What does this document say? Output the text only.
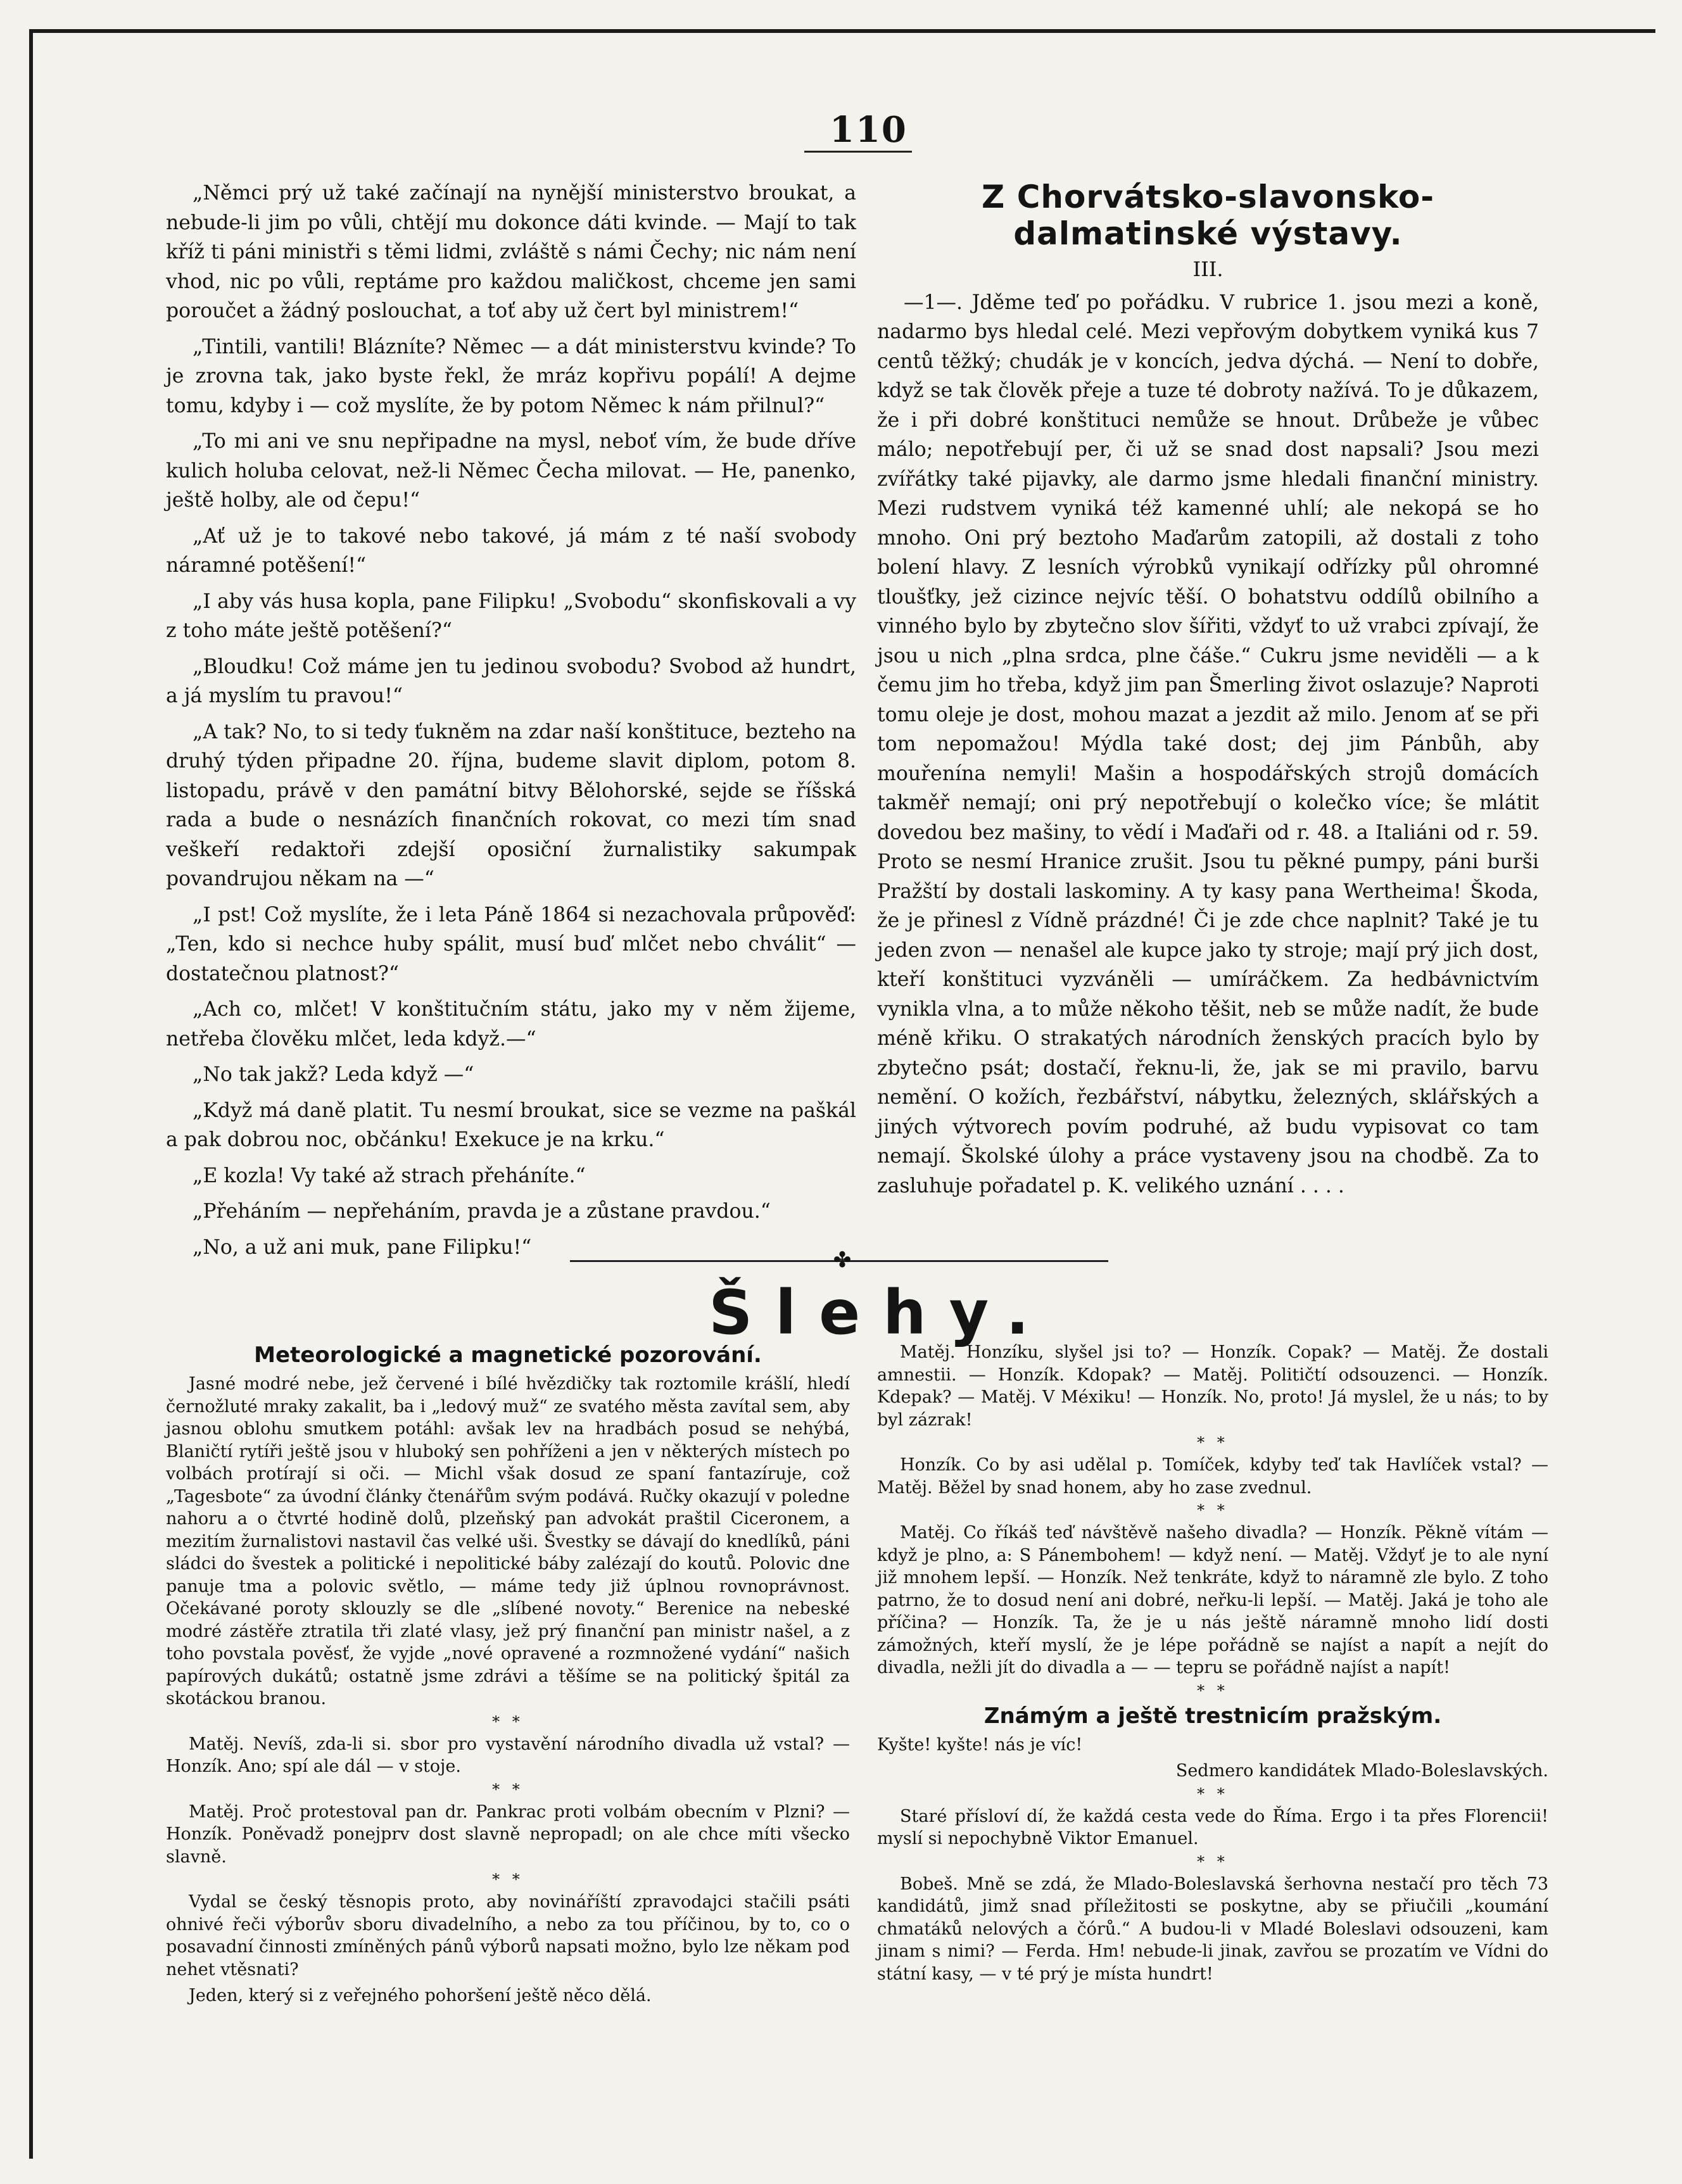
110

„Němci prý už také začínají na nynější ministerstvo broukat, a nebude-li jim po vůli, chtějí mu dokonce dáti kvinde. — Mají to tak kříž ti páni ministři s těmi lidmi, zvláště s námi Čechy; nic nám není vhod, nic po vůli, reptáme pro každou maličkost, chceme jen sami poroučet a žádný poslouchat, a toť aby už čert byl ministrem!“

„Tintili, vantili! Blázníte? Němec — a dát ministerstvu kvinde? To je zrovna tak, jako byste řekl, že mráz kopřivu popálí! A dejme tomu, kdyby i — což myslíte, že by potom Němec k nám přilnul?“

„To mi ani ve snu nepřipadne na mysl, neboť vím, že bude dříve kulich holuba celovat, než-li Němec Čecha milovat. — He, panenko, ještě holby, ale od čepu!“

„Ať už je to takové nebo takové, já mám z té naší svobody náramné potěšení!“

„I aby vás husa kopla, pane Filipku! „Svobodu“ skonfiskovali a vy z toho máte ještě potěšení?“

„Bloudku! Což máme jen tu jedinou svobodu? Svobod až hundrt, a já myslím tu pravou!“

„A tak? No, to si tedy ťukněm na zdar naší konštituce, bezteho na druhý týden připadne 20. října, budeme slavit diplom, potom 8. listopadu, právě v den památní bitvy Bělohorské, sejde se říšská rada a bude o nesnázích finančních rokovat, co mezi tím snad veškeří redaktoři zdejší oposiční žurnalistiky sakumpak povandrujou někam na —“

„I pst! Což myslíte, že i leta Páně 1864 si nezachovala průpověď: „Ten, kdo si nechce huby spálit, musí buď mlčet nebo chválit“ — dostatečnou platnost?“

„Ach co, mlčet! V konštitučním státu, jako my v něm žijeme, netřeba člověku mlčet, leda když.—“

„No tak jakž? Leda když —“

„Když má daně platit. Tu nesmí broukat, sice se vezme na paškál a pak dobrou noc, občánku! Exekuce je na krku.“

„E kozla! Vy také až strach přeháníte.“

„Přeháním — nepřeháním, pravda je a zůstane pravdou.“

„No, a už ani muk, pane Filipku!“

Z Chorvátsko-slavonsko-dalmatinské výstavy.
III.

—1—. Jděme teď po pořádku. V rubrice 1. jsou mezi a koně, nadarmo bys hledal celé. Mezi vepřovým dobytkem vyniká kus 7 centů těžký; chudák je v koncích, jedva dýchá. — Není to dobře, když se tak člověk přeje a tuze té dobroty nažívá. To je důkazem, že i při dobré konštituci nemůže se hnout. Drůbeže je vůbec málo; nepotřebují per, či už se snad dost napsali? Jsou mezi zvířátky také pijavky, ale darmo jsme hledali finanční ministry. Mezi rudstvem vyniká též kamenné uhlí; ale nekopá se ho mnoho. Oni prý beztoho Maďarům zatopili, až dostali z toho bolení hlavy. Z lesních výrobků vynikají odřízky půl ohromné tloušťky, jež cizince nejvíc těší. O bohatstvu oddílů obilního a vinného bylo by zbytečno slov šířiti, vždyť to už vrabci zpívají, že jsou u nich „plna srdca, plne čáše.“ Cukru jsme neviděli — a k čemu jim ho třeba, když jim pan Šmerling život oslazuje? Naproti tomu oleje je dost, mohou mazat a jezdit až milo. Jenom ať se při tom nepomažou! Mýdla také dost; dej jim Pánbůh, aby mouřenína nemyli! Mašin a hospodářských strojů domácích takměř nemají; oni prý nepotřebují o kolečko více; še mlátit dovedou bez mašiny, to vědí i Maďaři od r. 48. a Italiáni od r. 59. Proto se nesmí Hranice zrušit. Jsou tu pěkné pumpy, páni burši Pražští by dostali laskominy. A ty kasy pana Wertheima! Škoda, že je přinesl z Vídně prázdné! Či je zde chce naplnit? Také je tu jeden zvon — nenašel ale kupce jako ty stroje; mají prý jich dost, kteří konštituci vyzváněli — umíráčkem. Za hedbávnictvím vynikla vlna, a to může někoho těšit, neb se může nadít, že bude méně křiku. O strakatých národních ženských pracích bylo by zbytečno psát; dostačí, řeknu-li, že, jak se mi pravilo, barvu nemění. O kožích, řezbářství, nábytku, železných, sklářských a jiných výtvorech povím podruhé, až budu vypisovat co tam nemají. Školské úlohy a práce vystaveny jsou na chodbě. Za to zasluhuje pořadatel p. K. velikého uznání . . . .

✤
Šlehy.
Meteorologické a magnetické pozorování.

Jasné modré nebe, jež červené i bílé hvězdičky tak roztomile krášlí, hledí černožluté mraky zakalit, ba i „ledový muž“ ze svatého města zavítal sem, aby jasnou oblohu smutkem potáhl: avšak lev na hradbách posud se nehýbá, Blaničtí rytíři ještě jsou v hluboký sen pohříženi a jen v některých místech po volbách protírají si oči. — Michl však dosud ze spaní fantazíruje, což „Tagesbote“ za úvodní články čtenářům svým podává. Ručky okazují v poledne nahoru a o čtvrté hodině dolů, plzeňský pan advokát praštil Ciceronem, a mezitím žurnalistovi nastavil čas velké uši. Švestky se dávají do knedlíků, páni sládci do švestek a politické i nepolitické báby zalézají do koutů. Polovic dne panuje tma a polovic světlo, — máme tedy již úplnou rovnoprávnost. Očekávané poroty sklouzly se dle „slíbené novoty.“ Berenice na nebeské modré zástěře ztratila tři zlaté vlasy, jež prý finanční pan ministr našel, a z toho povstala pověsť, že vyjde „nové opravené a rozmnožené vydání“ našich papírových dukátů; ostatně jsme zdrávi a těšíme se na politický špitál za skotáckou branou.

* *

Matěj. Nevíš, zda-li si. sbor pro vystavění národního divadla už vstal? — Honzík. Ano; spí ale dál — v stoje.

* *

Matěj. Proč protestoval pan dr. Pankrac proti volbám obecním v Plzni? — Honzík. Poněvadž ponejprv dost slavně nepropadl; on ale chce míti všecko slavně.

* *

Vydal se český těsnopis proto, aby novináříští zpravodajci stačili psáti ohnivé řeči výborův sboru divadelního, a nebo za tou příčinou, by to, co o posavadní činnosti zmíněných pánů výborů napsati možno, bylo lze někam pod nehet vtěsnati?

Jeden, který si z veřejného pohoršení ještě něco dělá.

Matěj. Honzíku, slyšel jsi to? — Honzík. Copak? — Matěj. Že dostali amnestii. — Honzík. Kdopak? — Matěj. Političtí odsouzenci. — Honzík. Kdepak? — Matěj. V Méxiku! — Honzík. No, proto! Já myslel, že u nás; to by byl zázrak!

* *

Honzík. Co by asi udělal p. Tomíček, kdyby teď tak Havlíček vstal? — Matěj. Běžel by snad honem, aby ho zase zvednul.

* *

Matěj. Co říkáš teď návštěvě našeho divadla? — Honzík. Pěkně vítám — když je plno, a: S Pánembohem! — když není. — Matěj. Vždyť je to ale nyní již mnohem lepší. — Honzík. Než tenkráte, když to náramně zle bylo. Z toho patrno, že to dosud není ani dobré, neřku-li lepší. — Matěj. Jaká je toho ale příčina? — Honzík. Ta, že je u nás ještě náramně mnoho lidí dosti zámožných, kteří myslí, že je lépe pořádně se najíst a napít a nejít do divadla, nežli jít do divadla a — — tepru se pořádně najíst a napít!

* *
Známým a ještě trestnicím pražským.

Kyšte! kyšte! nás je víc!

Sedmero kandidátek Mlado-Boleslavských.
* *

Staré přísloví dí, že každá cesta vede do Říma. Ergo i ta přes Florencii! myslí si nepochybně Viktor Emanuel.

* *

Bobeš. Mně se zdá, že Mlado-Boleslavská šerhovna nestačí pro těch 73 kandidátů, jimž snad příležitosti se poskytne, aby se přiučili „koumání chmatáků nelových a čórů.“ A budou-li v Mladé Boleslavi odsouzeni, kam jinam s nimi? — Ferda. Hm! nebude-li jinak, zavřou se prozatím ve Vídni do státní kasy, — v té prý je místa hundrt!
